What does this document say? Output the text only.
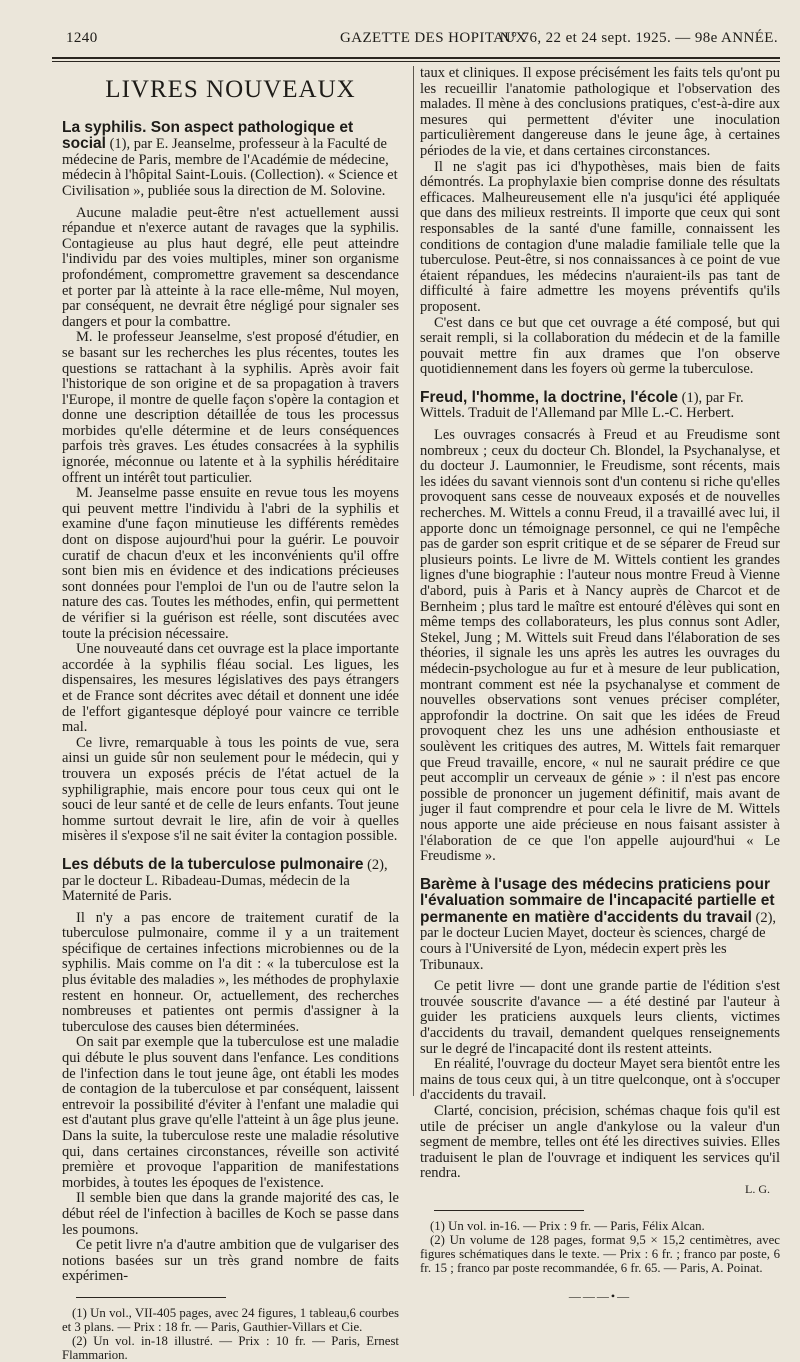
1240	GAZETTE DES HOPITAUX
N° 76, 22 et 24 sept. 1925. — 98e ANNÉE.
LIVRES NOUVEAUX
La syphilis. Son aspect pathologique et social (1), par E. Jeanselme, professeur à la Faculté de médecine de Paris, membre de l'Académie de médecine, médecin à l'hôpital Saint-Louis. (Collection). « Science et Civilisation », publiée sous la direction de M. Solovine.

Aucune maladie peut-être n'est actuellement aussi répandue et n'exerce autant de ravages que la syphilis. Contagieuse au plus haut degré, elle peut atteindre l'individu par des voies multiples, miner son organisme profondément, compromettre gravement sa descendance et porter par là atteinte à la race elle-même, Nul moyen, par conséquent, ne devrait être négligé pour signaler ses dangers et pour la combattre.

M. le professeur Jeanselme, s'est proposé d'étudier, en se basant sur les recherches les plus récentes, toutes les questions se rattachant à la syphilis. Après avoir fait l'historique de son origine et de sa propagation à travers l'Europe, il montre de quelle façon s'opère la contagion et donne une description détaillée de tous les processus morbides qu'elle détermine et de leurs conséquences parfois très graves. Les études consacrées à la syphilis ignorée, méconnue ou latente et à la syphilis héréditaire offrent un intérêt tout particulier.

M. Jeanselme passe ensuite en revue tous les moyens qui peuvent mettre l'individu à l'abri de la syphilis et examine d'une façon minutieuse les différents remèdes dont on dispose aujourd'hui pour la guérir. Le pouvoir curatif de chacun d'eux et les inconvénients qu'il offre sont bien mis en évidence et des indications précieuses sont données pour l'emploi de l'un ou de l'autre selon la nature des cas. Toutes les méthodes, enfin, qui permettent de vérifier si la guérison est réelle, sont discutées avec toute la précision nécessaire.

Une nouveauté dans cet ouvrage est la place importante accordée à la syphilis fléau social. Les ligues, les dispensaires, les mesures législatives des pays étrangers et de France sont décrites avec détail et donnent une idée de l'effort gigantesque déployé pour vaincre ce terrible mal.

Ce livre, remarquable à tous les points de vue, sera ainsi un guide sûr non seulement pour le médecin, qui y trouvera un exposés précis de l'état actuel de la syphiligraphie, mais encore pour tous ceux qui ont le souci de leur santé et de celle de leurs enfants. Tout jeune homme surtout devrait le lire, afin de voir à quelles misères il s'expose s'il ne sait éviter la contagion possible.

Les débuts de la tuberculose pulmonaire (2), par le docteur L. Ribadeau-Dumas, médecin de la Maternité de Paris.

Il n'y a pas encore de traitement curatif de la tuberculose pulmonaire, comme il y a un traitement spécifique de certaines infections microbiennes ou de la syphilis. Mais comme on l'a dit : « la tuberculose est la plus évitable des maladies », les méthodes de prophylaxie restent en honneur. Or, actuellement, des recherches nombreuses et patientes ont permis d'assigner à la tuberculose des causes bien déterminées.

On sait par exemple que la tuberculose est une maladie qui débute le plus souvent dans l'enfance. Les conditions de l'infection dans le tout jeune âge, ont établi les modes de contagion de la tuberculose et par conséquent, laissent entrevoir la possibilité d'éviter à l'enfant une maladie qui est d'autant plus grave qu'elle l'atteint à un âge plus jeune. Dans la suite, la tuberculose reste une maladie résolutive qui, dans certaines circonstances, réveille son activité première et provoque l'apparition de manifestations morbides, à toutes les époques de l'existence.

Il semble bien que dans la grande majorité des cas, le début réel de l'infection à bacilles de Koch se passe dans les poumons.

Ce petit livre n'a d'autre ambition que de vulgariser des notions basées sur un très grand nombre de faits expérimen-

(1) Un vol., VII-405 pages, avec 24 figures, 1 tableau,6 courbes et 3 plans. — Prix : 18 fr. — Paris, Gauthier-Villars et Cie.

(2) Un vol. in-18 illustré. — Prix : 10 fr. — Paris, Ernest Flammarion.

taux et cliniques. Il expose précisément les faits tels qu'ont pu les recueillir l'anatomie pathologique et l'observation des malades. Il mène à des conclusions pratiques, c'est-à-dire aux mesures qui permettent d'éviter une inoculation particulièrement dangereuse dans le jeune âge, à certaines périodes de la vie, et dans certaines circonstances.

Il ne s'agit pas ici d'hypothèses, mais bien de faits démontrés. La prophylaxie bien comprise donne des résultats efficaces. Malheureusement elle n'a jusqu'ici été appliquée que dans des milieux restreints. Il importe que ceux qui sont responsables de la santé d'une famille, connaissent les conditions de contagion d'une maladie familiale telle que la tuberculose. Peut-être, si nos connaissances à ce point de vue étaient répandues, les médecins n'auraient-ils pas tant de difficulté à faire admettre les moyens préventifs qu'ils proposent.

C'est dans ce but que cet ouvrage a été composé, but qui serait rempli, si la collaboration du médecin et de la famille pouvait mettre fin aux drames que l'on observe quotidiennement dans les foyers où germe la tuberculose.

Freud, l'homme, la doctrine, l'école (1), par Fr. Wittels. Traduit de l'Allemand par Mlle L.-C. Herbert.

Les ouvrages consacrés à Freud et au Freudisme sont nombreux ; ceux du docteur Ch. Blondel, la Psychanalyse, et du docteur J. Laumonnier, le Freudisme, sont récents, mais les idées du savant viennois sont d'un contenu si riche qu'elles provoquent sans cesse de nouveaux exposés et de nouvelles recherches. M. Wittels a connu Freud, il a travaillé avec lui, il apporte donc un témoignage personnel, ce qui ne l'empêche pas de garder son esprit critique et de se séparer de Freud sur plusieurs points. Le livre de M. Wittels contient les grandes lignes d'une biographie : l'auteur nous montre Freud à Vienne d'abord, puis à Paris et à Nancy auprès de Charcot et de Bernheim ; plus tard le maître est entouré d'élèves qui sont en même temps des collaborateurs, les plus connus sont Adler, Stekel, Jung ; M. Wittels suit Freud dans l'élaboration de ses théories, il signale les uns après les autres les ouvrages du médecin-psychologue au fur et à mesure de leur publication, montrant comment est née la psychanalyse et comment de nouvelles observations sont venues préciser compléter, approfondir la doctrine. On sait que les idées de Freud provoquent chez les uns une adhésion enthousiaste et soulèvent les critiques des autres, M. Wittels fait remarquer que Freud travaille, encore, « nul ne saurait prédire ce que peut accomplir un cerveaux de génie » : il n'est pas encore possible de prononcer un jugement définitif, mais avant de juger il faut comprendre et pour cela le livre de M. Wittels nous apporte une aide précieuse en nous faisant assister à l'élaboration de ce que l'on appelle aujourd'hui « Le Freudisme ».

Barème à l'usage des médecins praticiens pour l'évaluation sommaire de l'incapacité partielle et permanente en matière d'accidents du travail (2), par le docteur Lucien Mayet, docteur ès sciences, chargé de cours à l'Université de Lyon, médecin expert près les Tribunaux.

Ce petit livre — dont une grande partie de l'édition s'est trouvée souscrite d'avance — a été destiné par l'auteur à guider les praticiens auxquels leurs clients, victimes d'accidents du travail, demandent quelques renseignements sur le degré de l'incapacité dont ils restent atteints.

En réalité, l'ouvrage du docteur Mayet sera bientôt entre les mains de tous ceux qui, à un titre quelconque, ont à s'occuper d'accidents du travail.

Clarté, concision, précision, schémas chaque fois qu'il est utile de préciser un angle d'ankylose ou la valeur d'un segment de membre, telles ont été les directives suivies. Elles traduisent le plan de l'ouvrage et indiquent les services qu'il rendra.

L. G.

(1) Un vol. in-16. — Prix : 9 fr. — Paris, Félix Alcan.

(2) Un volume de 128 pages, format 9,5 × 15,2 centimètres, avec figures schématiques dans le texte. — Prix : 6 fr. ; franco par poste, 6 fr. 15 ; franco par poste recommandée, 6 fr. 65. — Paris, A. Poinat.

———•—
